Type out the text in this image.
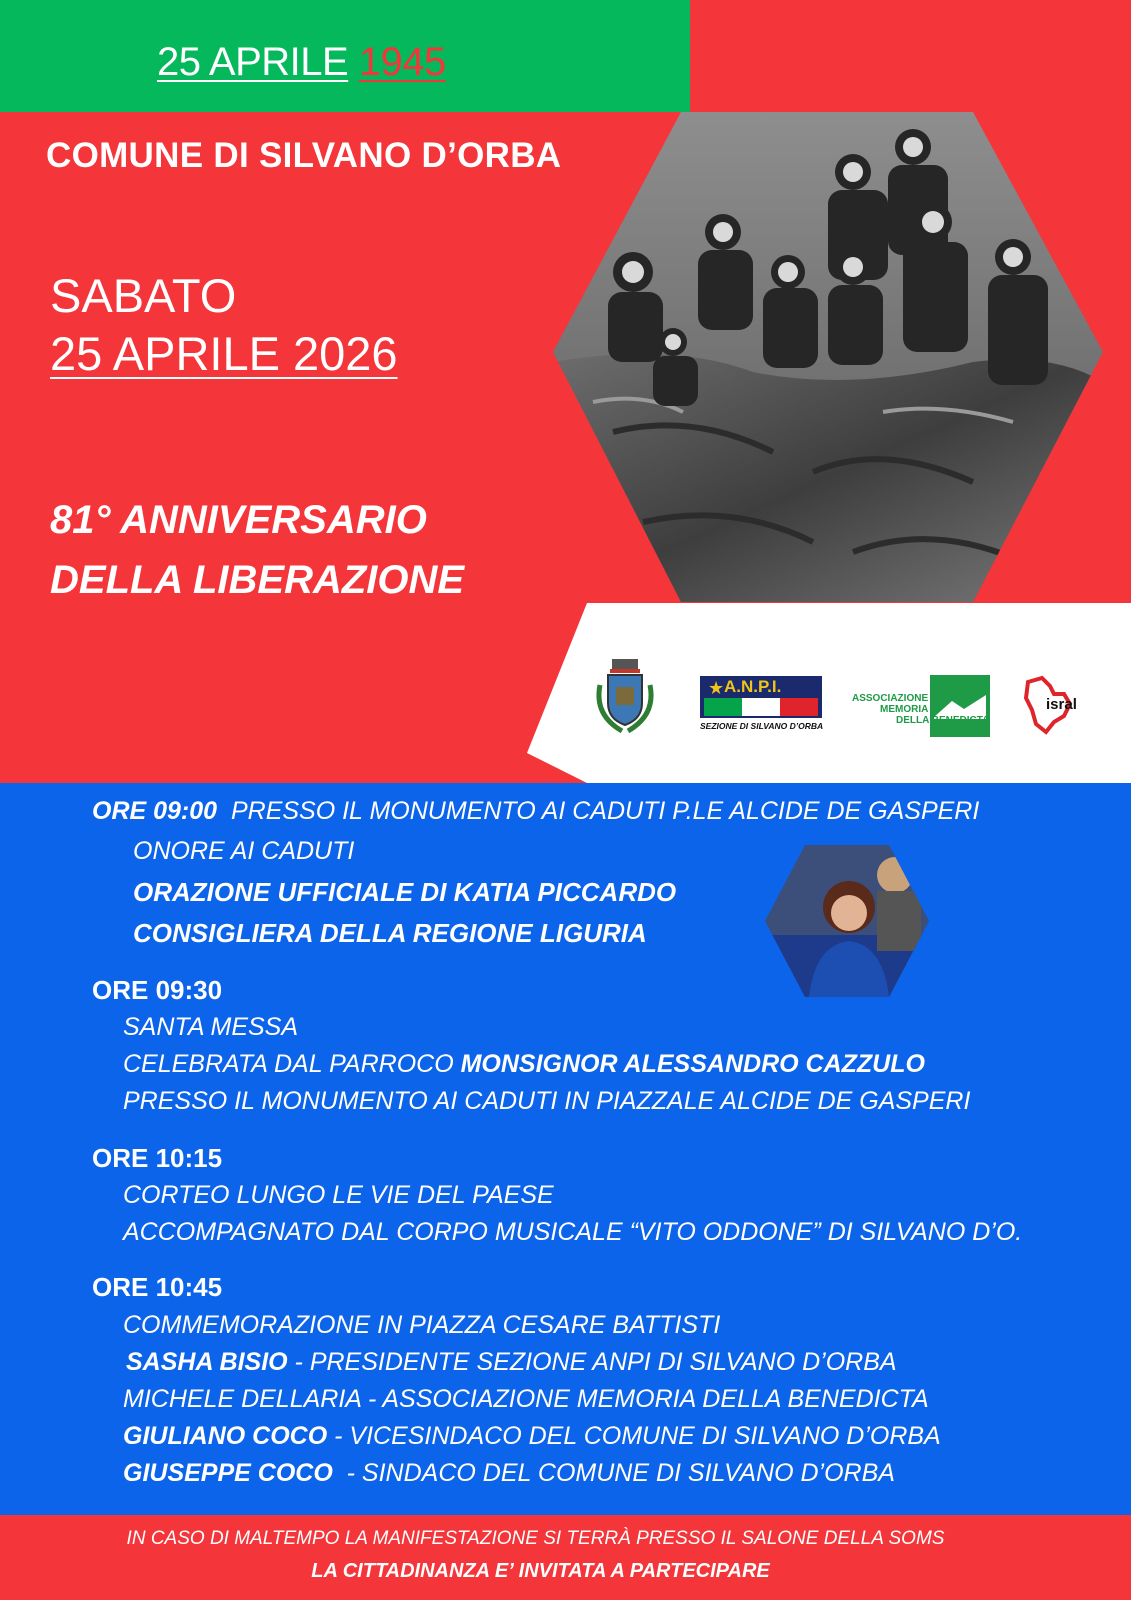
25 APRILE 1945
COMUNE DI SILVANO D’ORBA
SABATO
25 APRILE 2026
81° ANNIVERSARIO
DELLA LIBERAZIONE
★ A.N.P.I.
SEZIONE DI SILVANO D’ORBA
ASSOCIAZIONE
MEMORIA
DELLA BENEDICTA
isral
ORE 09:00 PRESSO IL MONUMENTO AI CADUTI P.LE ALCIDE DE GASPERI
ONORE AI CADUTI
ORAZIONE UFFICIALE DI KATIA PICCARDO
CONSIGLIERA DELLA REGIONE LIGURIA
ORE 09:30
SANTA MESSA
CELEBRATA DAL PARROCO MONSIGNOR ALESSANDRO CAZZULO
PRESSO IL MONUMENTO AI CADUTI IN PIAZZALE ALCIDE DE GASPERI
ORE 10:15
CORTEO LUNGO LE VIE DEL PAESE
ACCOMPAGNATO DAL CORPO MUSICALE “VITO ODDONE” DI SILVANO D’O.
ORE 10:45
COMMEMORAZIONE IN PIAZZA CESARE BATTISTI
SASHA BISIO - PRESIDENTE SEZIONE ANPI DI SILVANO D’ORBA
MICHELE DELLARIA - ASSOCIAZIONE MEMORIA DELLA BENEDICTA
GIULIANO COCO - VICESINDACO DEL COMUNE DI SILVANO D’ORBA
GIUSEPPE COCO  - SINDACO DEL COMUNE DI SILVANO D’ORBA
IN CASO DI MALTEMPO LA MANIFESTAZIONE SI TERRÀ PRESSO IL SALONE DELLA SOMS
LA CITTADINANZA E’ INVITATA A PARTECIPARE
